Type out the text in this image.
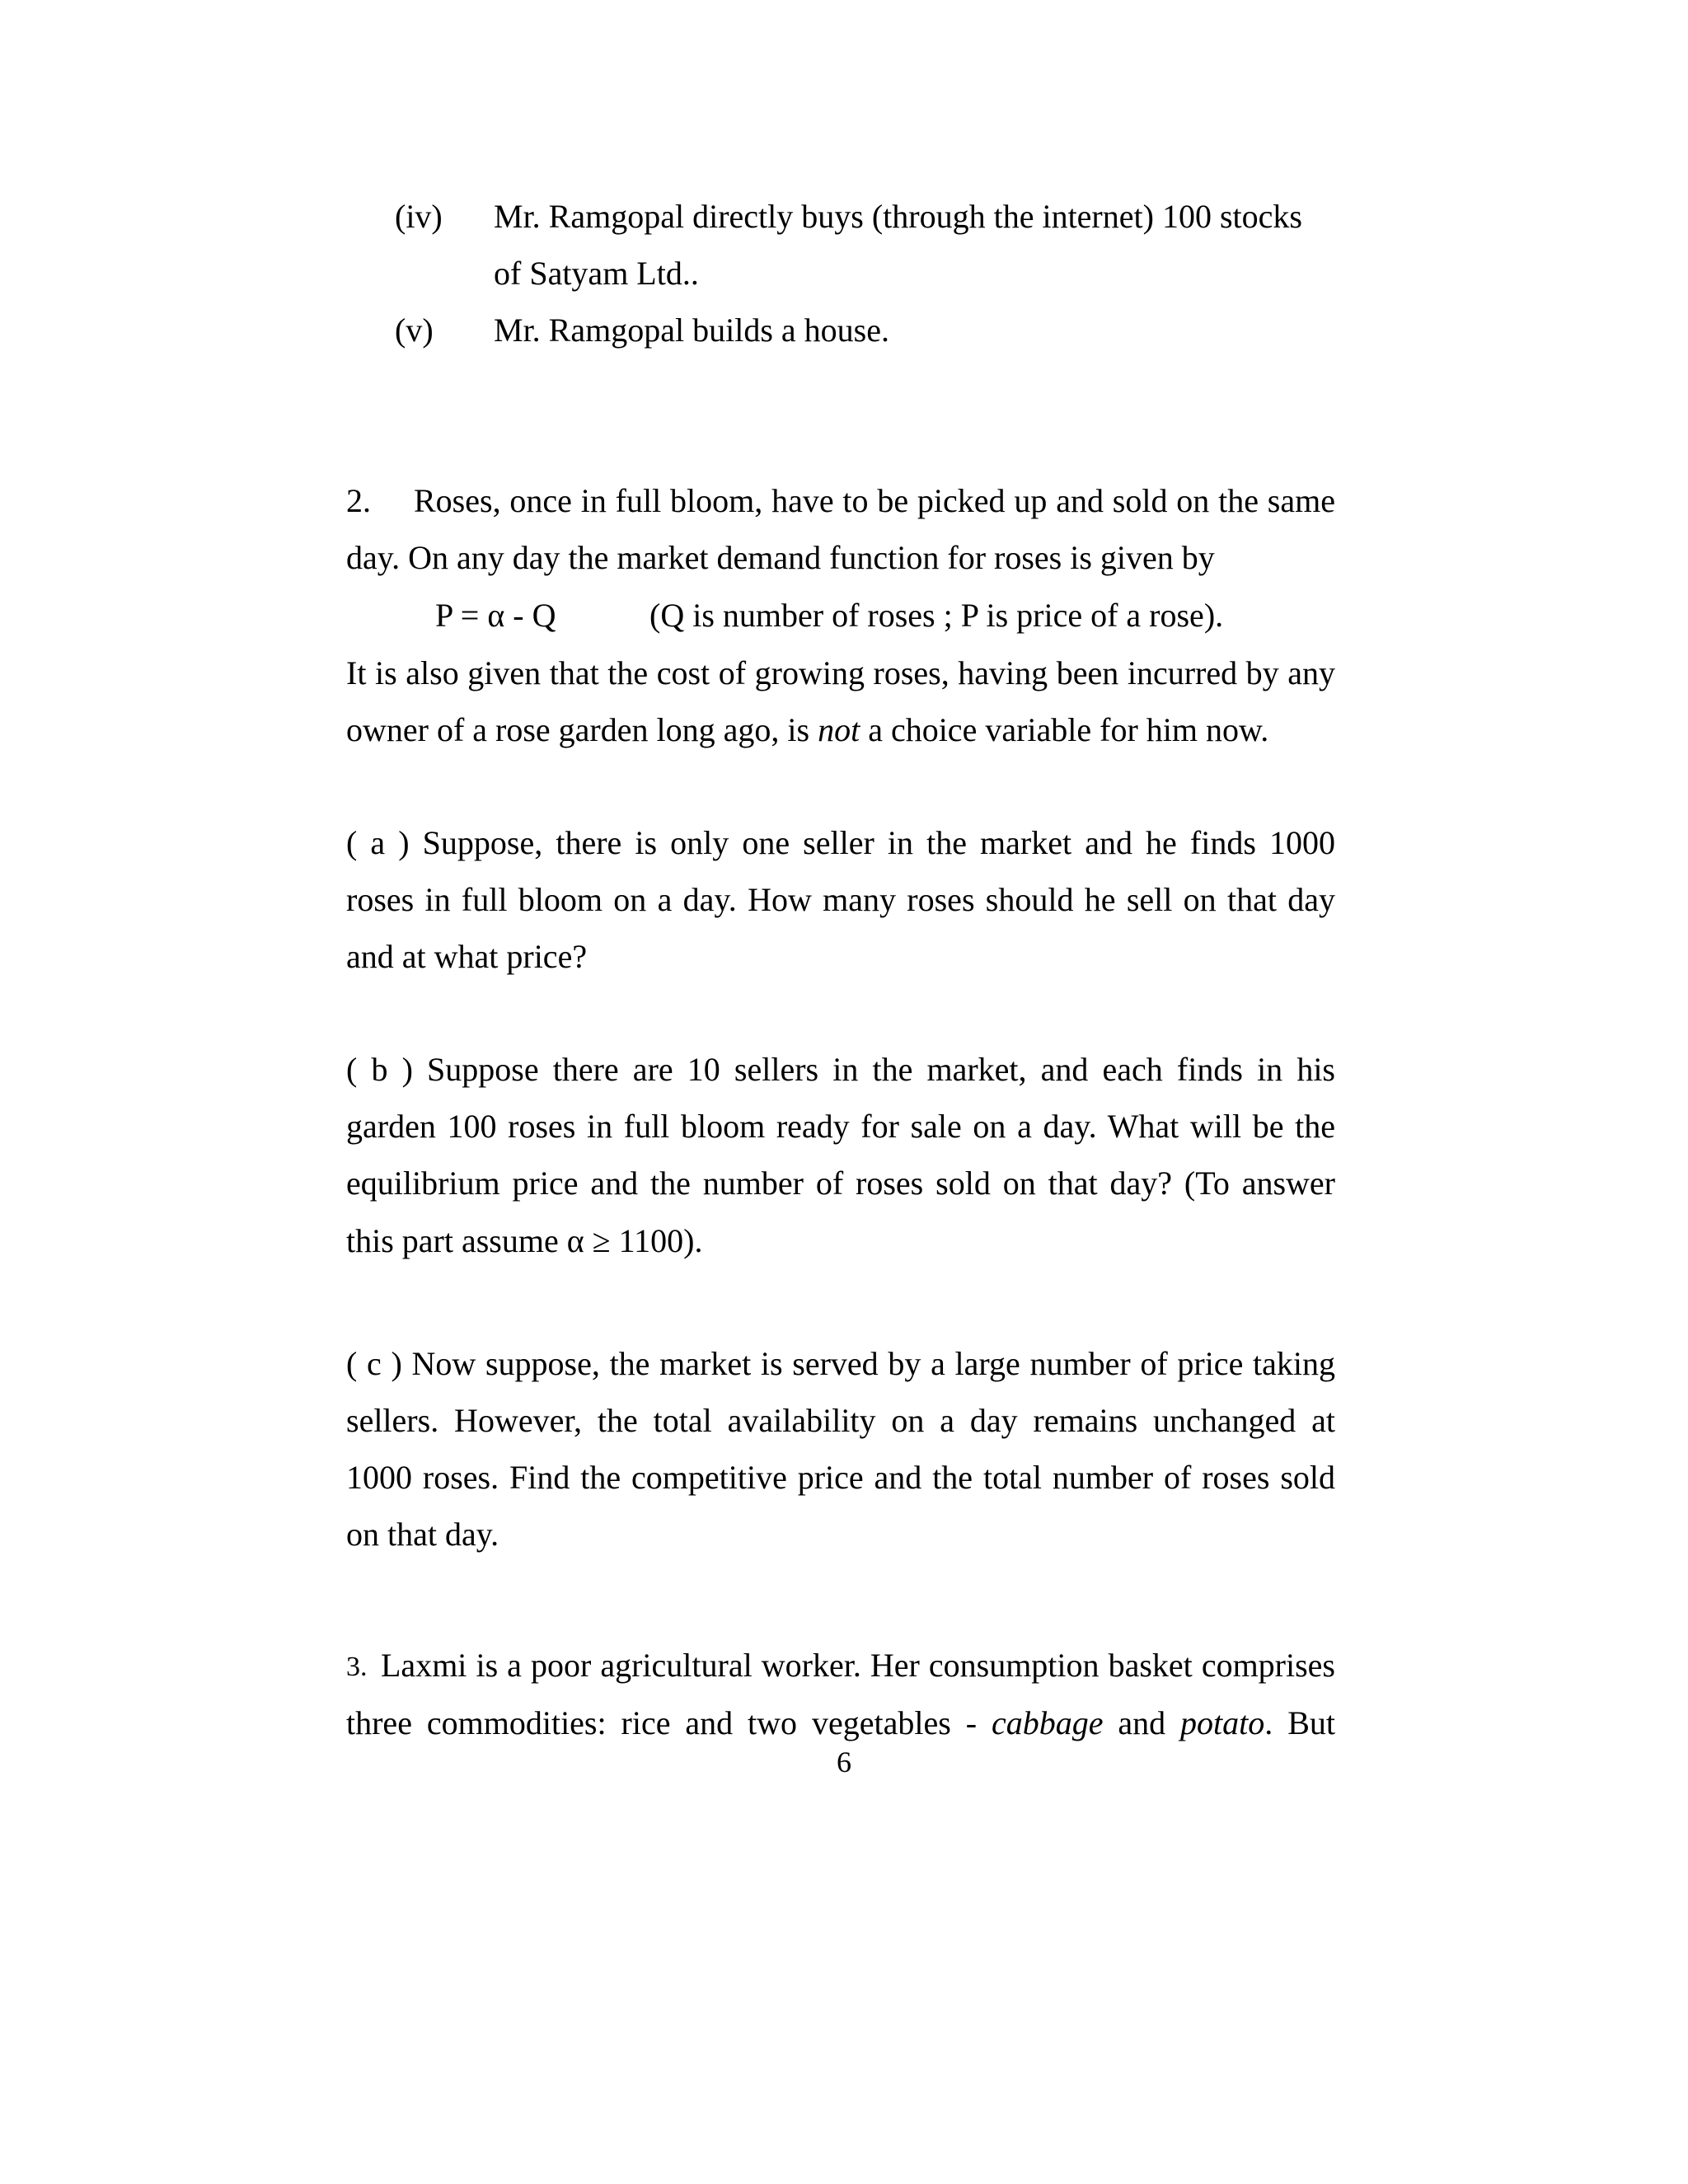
(iv) Mr. Ramgopal directly buys (through the internet) 100 stocks
of Satyam Ltd..
(v) Mr. Ramgopal builds a house.
2. Roses, once in full bloom, have to be picked up and sold on the same
day. On any day the market demand function for roses is given by
P = α - Q	(Q is number of roses ; P is price of a rose).
It is also given that the cost of growing roses, having been incurred by any
owner of a rose garden long ago, is not a choice variable for him now.
( a ) Suppose, there is only one seller in the market and he finds 1000
roses in full bloom on a day. How many roses should he sell on that day
and at what price?
( b ) Suppose there are 10 sellers in the market, and each finds in his
garden 100 roses in full bloom ready for sale on a day. What will be the
equilibrium price and the number of roses sold on that day? (To answer
this part assume α ≥ 1100).
( c ) Now suppose, the market is served by a large number of price taking
sellers. However, the total availability on a day remains unchanged at
1000 roses. Find the competitive price and the total number of roses sold
on that day.
3. Laxmi is a poor agricultural worker. Her consumption basket comprises
three commodities: rice and two vegetables - cabbage and potato. But
6
